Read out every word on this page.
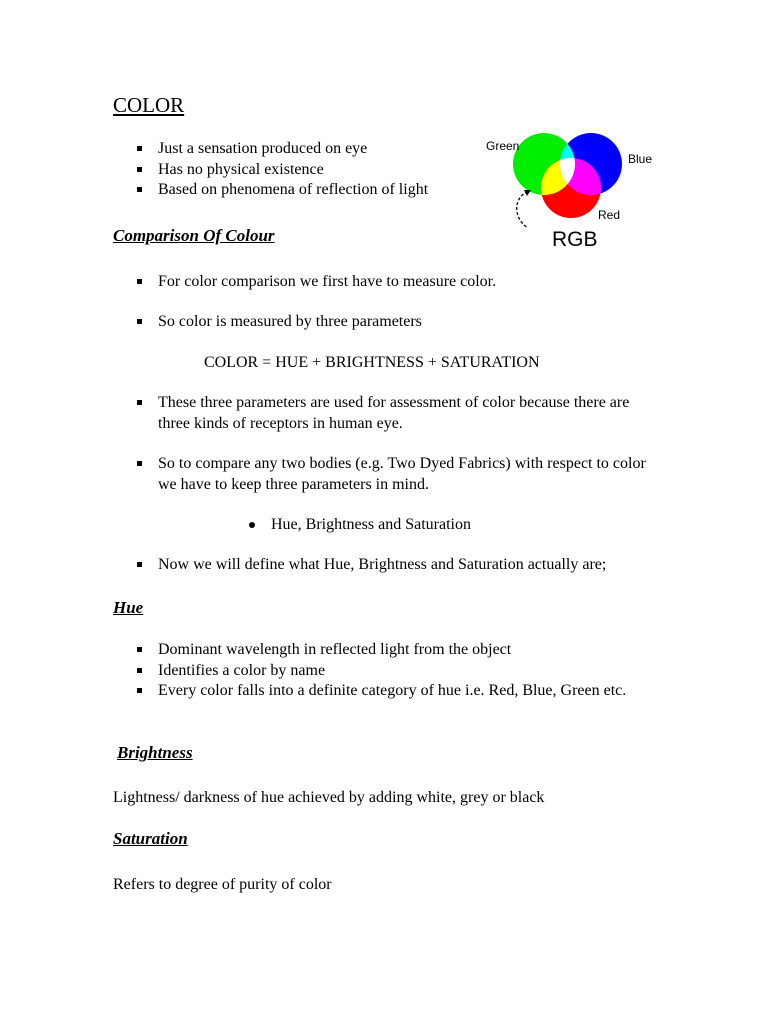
COLOR
Just a sensation produced on eye
Has no physical existence
Based on phenomena of reflection of light
Green
Blue
Red
RGB
Comparison Of Colour
For color comparison we first have to measure color.
So color is measured by three parameters
COLOR = HUE + BRIGHTNESS + SATURATION
These three parameters are used for assessment of color because there are three kinds of receptors in human eye.
So to compare any two bodies (e.g. Two Dyed Fabrics) with respect to color we have to keep three parameters in mind.
Hue, Brightness and Saturation
Now we will define what Hue, Brightness and Saturation actually are;
Hue
Dominant wavelength in reflected light from the object
Identifies a color by name
Every color falls into a definite category of hue i.e. Red, Blue, Green etc.
Brightness
Lightness/ darkness of hue achieved by adding white, grey or black
Saturation
Refers to degree of purity of color
